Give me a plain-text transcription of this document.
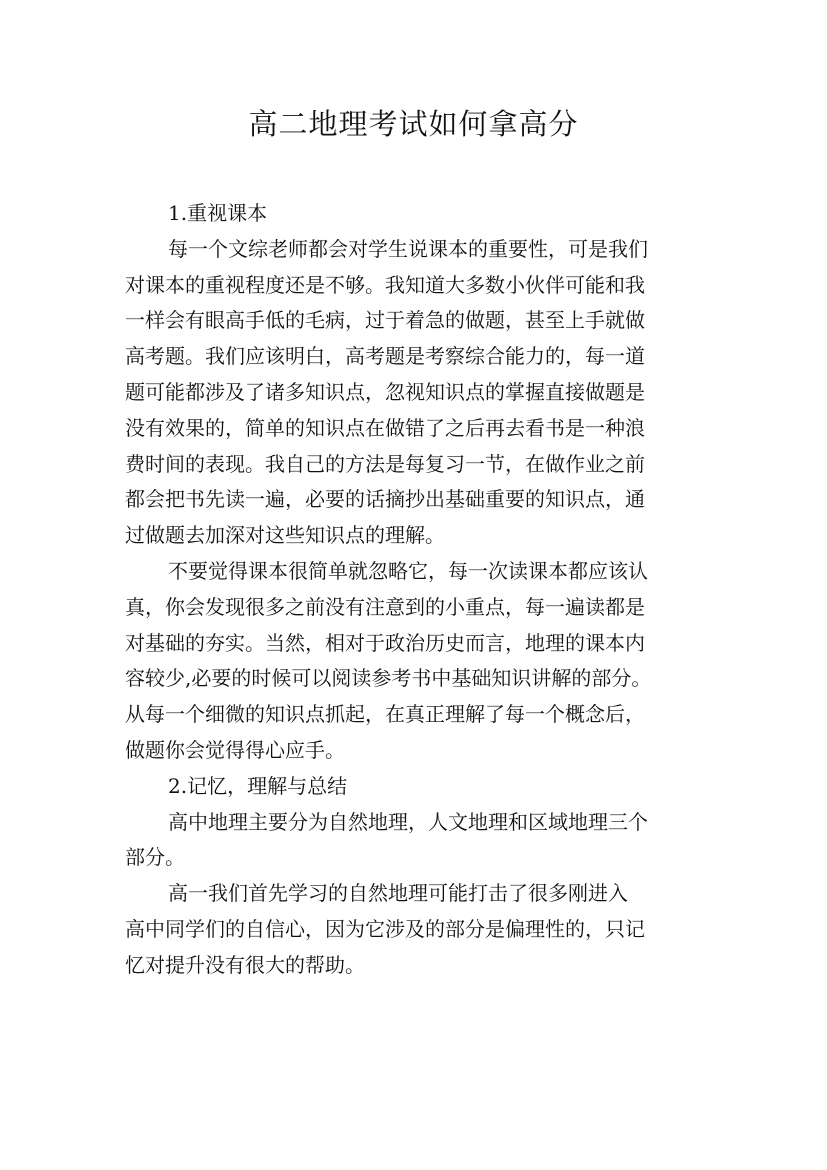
高二地理考试如何拿高分
1.重视课本
每一个文综老师都会对学生说课本的重要性，可是我们
对课本的重视程度还是不够。我知道大多数小伙伴可能和我
一样会有眼高手低的毛病，过于着急的做题，甚至上手就做
高考题。我们应该明白，高考题是考察综合能力的，每一道
题可能都涉及了诸多知识点，忽视知识点的掌握直接做题是
没有效果的，简单的知识点在做错了之后再去看书是一种浪
费时间的表现。我自己的方法是每复习一节，在做作业之前
都会把书先读一遍，必要的话摘抄出基础重要的知识点，通
过做题去加深对这些知识点的理解。
不要觉得课本很简单就忽略它，每一次读课本都应该认
真，你会发现很多之前没有注意到的小重点，每一遍读都是
对基础的夯实。当然，相对于政治历史而言，地理的课本内
容较少,必要的时候可以阅读参考书中基础知识讲解的部分。
从每一个细微的知识点抓起，在真正理解了每一个概念后，
做题你会觉得得心应手。
2.记忆，理解与总结
高中地理主要分为自然地理，人文地理和区域地理三个
部分。
高一我们首先学习的自然地理可能打击了很多刚进入
高中同学们的自信心，因为它涉及的部分是偏理性的，只记
忆对提升没有很大的帮助。
